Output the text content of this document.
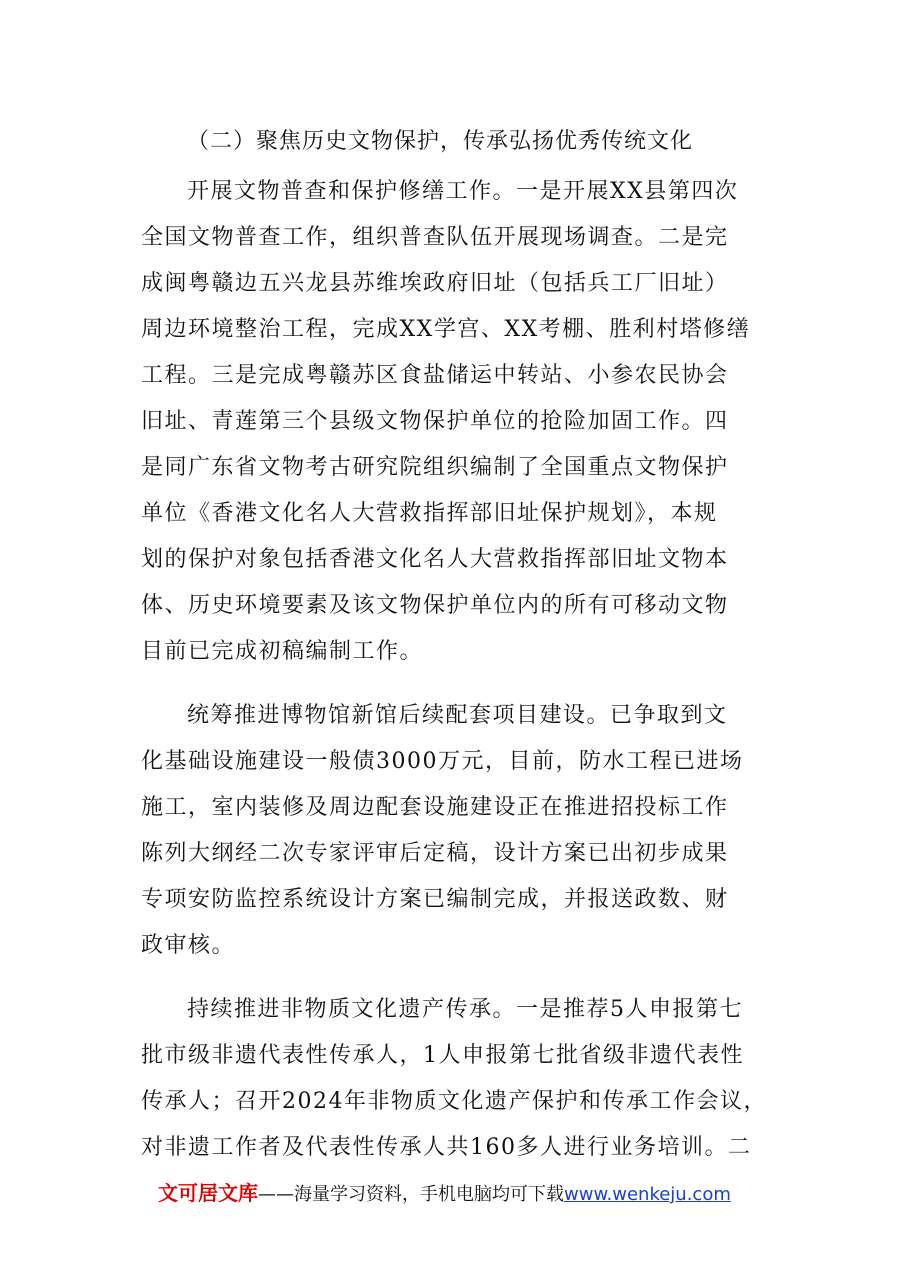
（二）聚焦历史文物保护，传承弘扬优秀传统文化
开展文物普查和保护修缮工作。一是开展XX县第四次
全国文物普查工作，组织普查队伍开展现场调查。二是完
成闽粤赣边五兴龙县苏维埃政府旧址（包括兵工厂旧址）
周边环境整治工程，完成XX学宫、XX考棚、胜利村塔修缮
工程。三是完成粤赣苏区食盐储运中转站、小参农民协会
旧址、青莲第三个县级文物保护单位的抢险加固工作。四
是同广东省文物考古研究院组织编制了全国重点文物保护
单位《香港文化名人大营救指挥部旧址保护规划》，本规
划的保护对象包括香港文化名人大营救指挥部旧址文物本
体、历史环境要素及该文物保护单位内的所有可移动文物
目前已完成初稿编制工作。
统筹推进博物馆新馆后续配套项目建设。已争取到文
化基础设施建设一般债3000万元，目前，防水工程已进场
施工，室内装修及周边配套设施建设正在推进招投标工作
陈列大纲经二次专家评审后定稿，设计方案已出初步成果
专项安防监控系统设计方案已编制完成，并报送政数、财
政审核。
持续推进非物质文化遗产传承。一是推荐5人申报第七
批市级非遗代表性传承人，1人申报第七批省级非遗代表性
传承人；召开2024年非物质文化遗产保护和传承工作会议，
对非遗工作者及代表性传承人共160多人进行业务培训。二
文可居文库——海量学习资料，手机电脑均可下载www.wenkeju.com
